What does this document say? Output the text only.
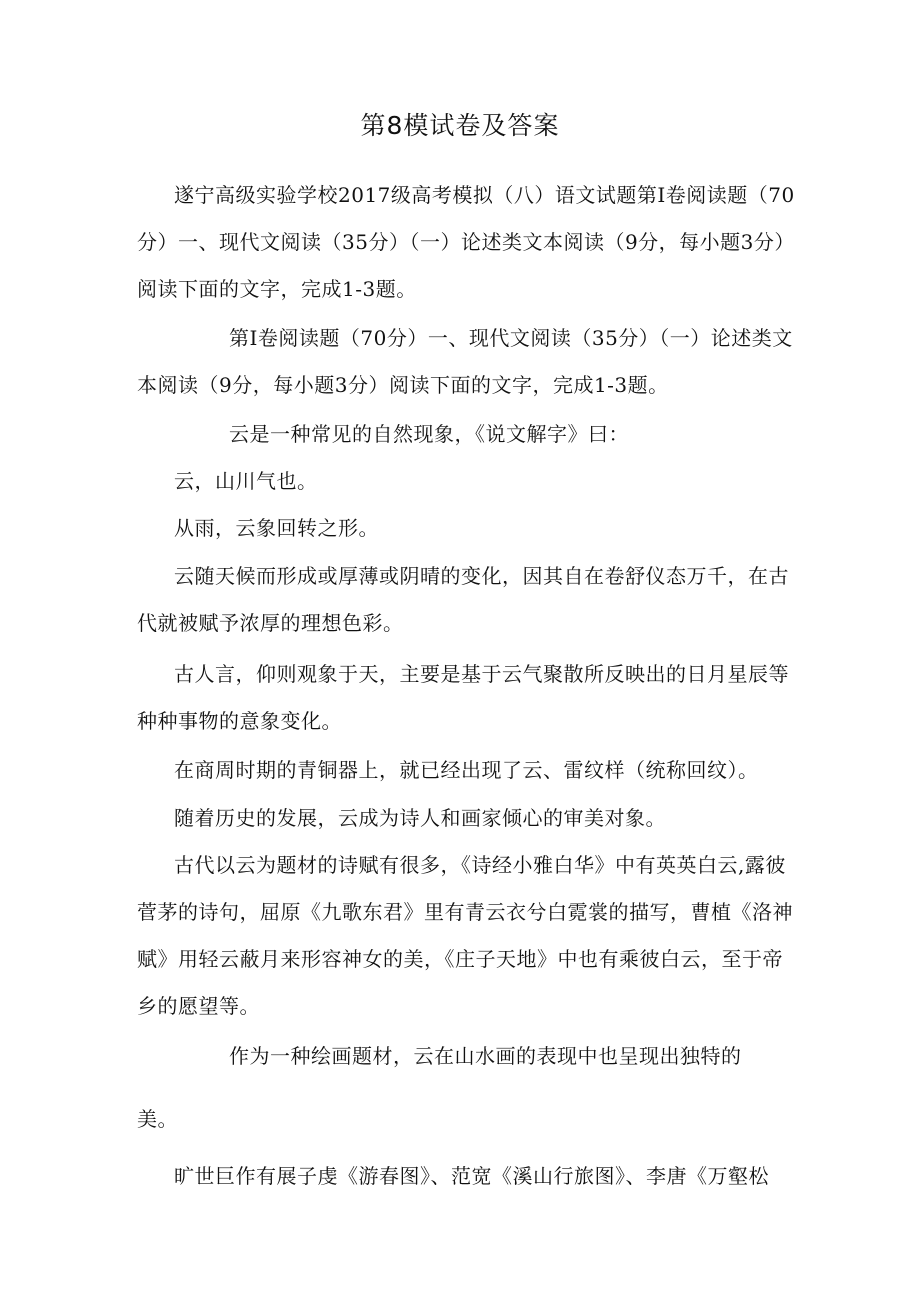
第8模试卷及答案

遂宁高级实验学校2017级高考模拟（八）语文试题第I卷阅读题（70
分）一、现代文阅读（35分）（一）论述类文本阅读（9分，每小题3分）
阅读下面的文字，完成1-3题。

第I卷阅读题（70分）一、现代文阅读（35分）（一）论述类文
本阅读（9分，每小题3分）阅读下面的文字，完成1-3题。

云是一种常见的自然现象，《说文解字》曰：

云，山川气也。

从雨，云象回转之形。

云随天候而形成或厚薄或阴晴的变化，因其自在卷舒仪态万千，在古
代就被赋予浓厚的理想色彩。

古人言，仰则观象于天，主要是基于云气聚散所反映出的日月星辰等
种种事物的意象变化。

在商周时期的青铜器上，就已经出现了云、雷纹样（统称回纹）。

随着历史的发展，云成为诗人和画家倾心的审美对象。

古代以云为题材的诗赋有很多，《诗经小雅白华》中有英英白云,露彼
菅茅的诗句，屈原《九歌东君》里有青云衣兮白霓裳的描写，曹植《洛神
赋》用轻云蔽月来形容神女的美，《庄子天地》中也有乘彼白云，至于帝
乡的愿望等。

作为一种绘画题材，云在山水画的表现中也呈现出独特的

美。

旷世巨作有展子虔《游春图》、范宽《溪山行旅图》、李唐《万壑松
